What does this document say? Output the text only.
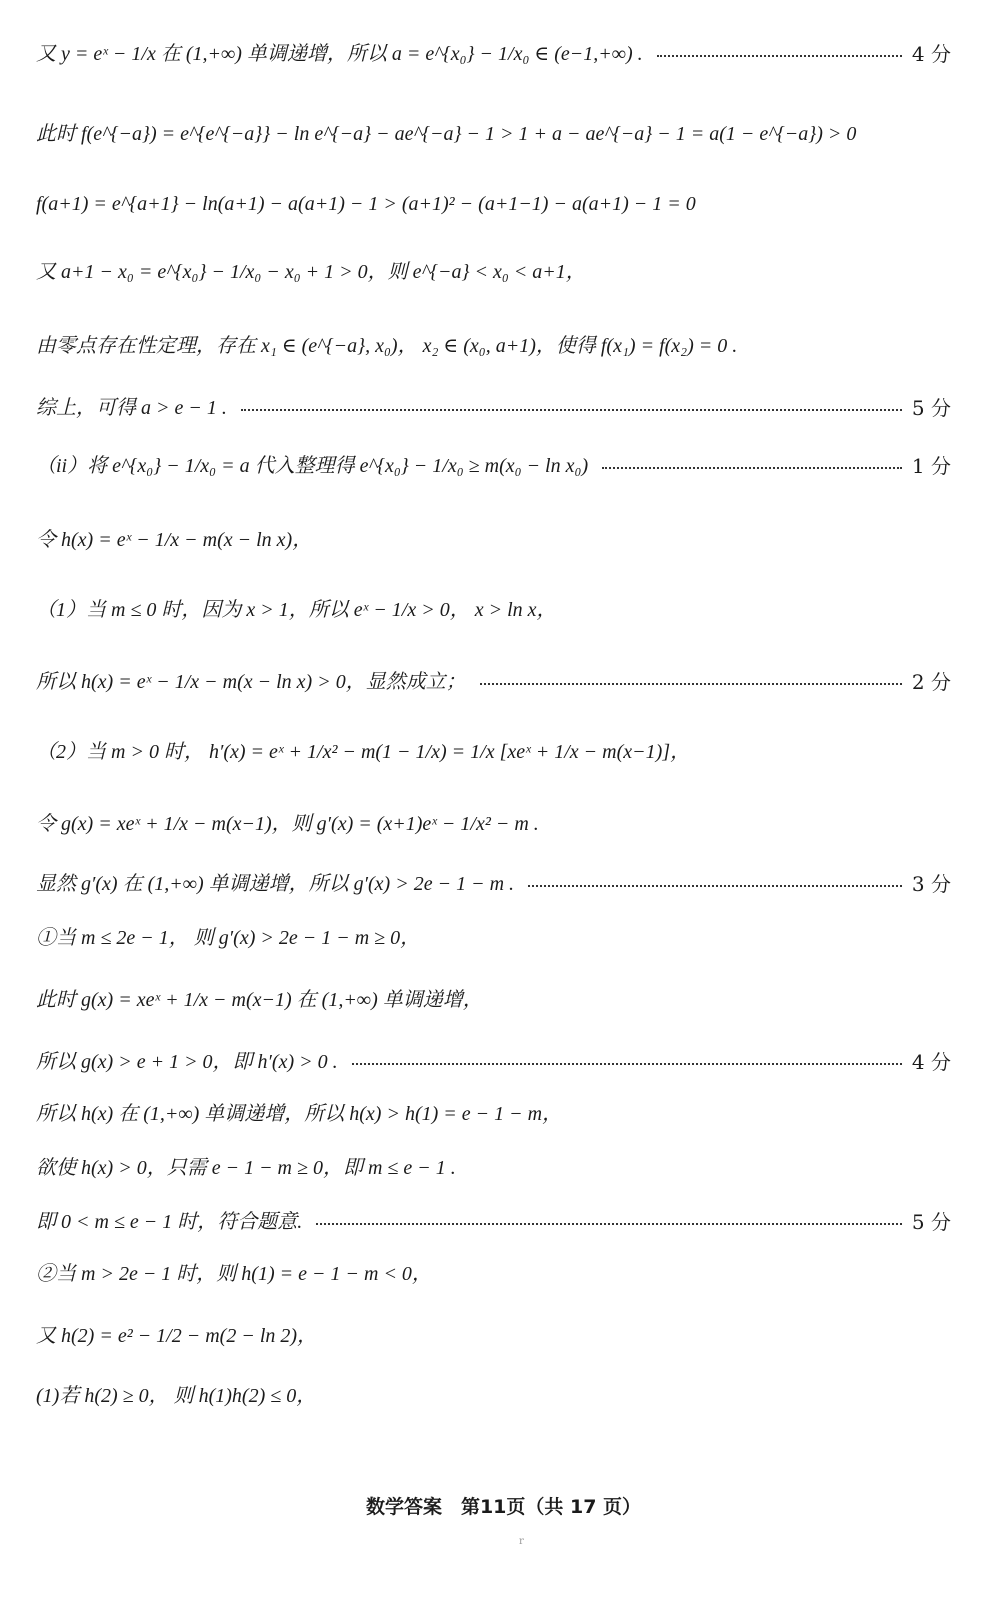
又 y = eˣ − 1/x 在 (1,+∞) 单调递增，所以 a = e^{x₀} − 1/x₀ ∈ (e−1,+∞) .	4 分
此时 f(e^{−a}) = e^{e^{−a}} − ln e^{−a} − ae^{−a} − 1 > 1 + a − ae^{−a} − 1 = a(1 − e^{−a}) > 0
f(a+1) = e^{a+1} − ln(a+1) − a(a+1) − 1 > (a+1)² − (a+1−1) − a(a+1) − 1 = 0
又 a+1 − x₀ = e^{x₀} − 1/x₀ − x₀ + 1 > 0，则 e^{−a} < x₀ < a+1，
由零点存在性定理，存在 x₁ ∈ (e^{−a}, x₀)， x₂ ∈ (x₀, a+1)，使得 f(x₁) = f(x₂) = 0 .
综上，可得 a > e − 1 .	5 分
（ii）将 e^{x₀} − 1/x₀ = a 代入整理得 e^{x₀} − 1/x₀ ≥ m(x₀ − ln x₀)	1 分
令 h(x) = eˣ − 1/x − m(x − ln x)，
（1）当 m ≤ 0 时，因为 x > 1，所以 eˣ − 1/x > 0， x > ln x，
所以 h(x) = eˣ − 1/x − m(x − ln x) > 0，显然成立；	2 分
（2）当 m > 0 时， h′(x) = eˣ + 1/x² − m(1 − 1/x) = 1/x [xeˣ + 1/x − m(x−1)]，
令 g(x) = xeˣ + 1/x − m(x−1)，则 g′(x) = (x+1)eˣ − 1/x² − m .
显然 g′(x) 在 (1,+∞) 单调递增，所以 g′(x) > 2e − 1 − m .	3 分
①当 m ≤ 2e − 1， 则 g′(x) > 2e − 1 − m ≥ 0，
此时 g(x) = xeˣ + 1/x − m(x−1) 在 (1,+∞) 单调递增，
所以 g(x) > e + 1 > 0，即 h′(x) > 0 .	4 分
所以 h(x) 在 (1,+∞) 单调递增，所以 h(x) > h(1) = e − 1 − m，
欲使 h(x) > 0，只需 e − 1 − m ≥ 0，即 m ≤ e − 1 .
即 0 < m ≤ e − 1 时，符合题意.	5 分
②当 m > 2e − 1 时，则 h(1) = e − 1 − m < 0，
又 h(2) = e² − 1/2 − m(2 − ln 2)，
(1)若 h(2) ≥ 0， 则 h(1)h(2) ≤ 0，
数学答案　第11页（共 17 页）
r
